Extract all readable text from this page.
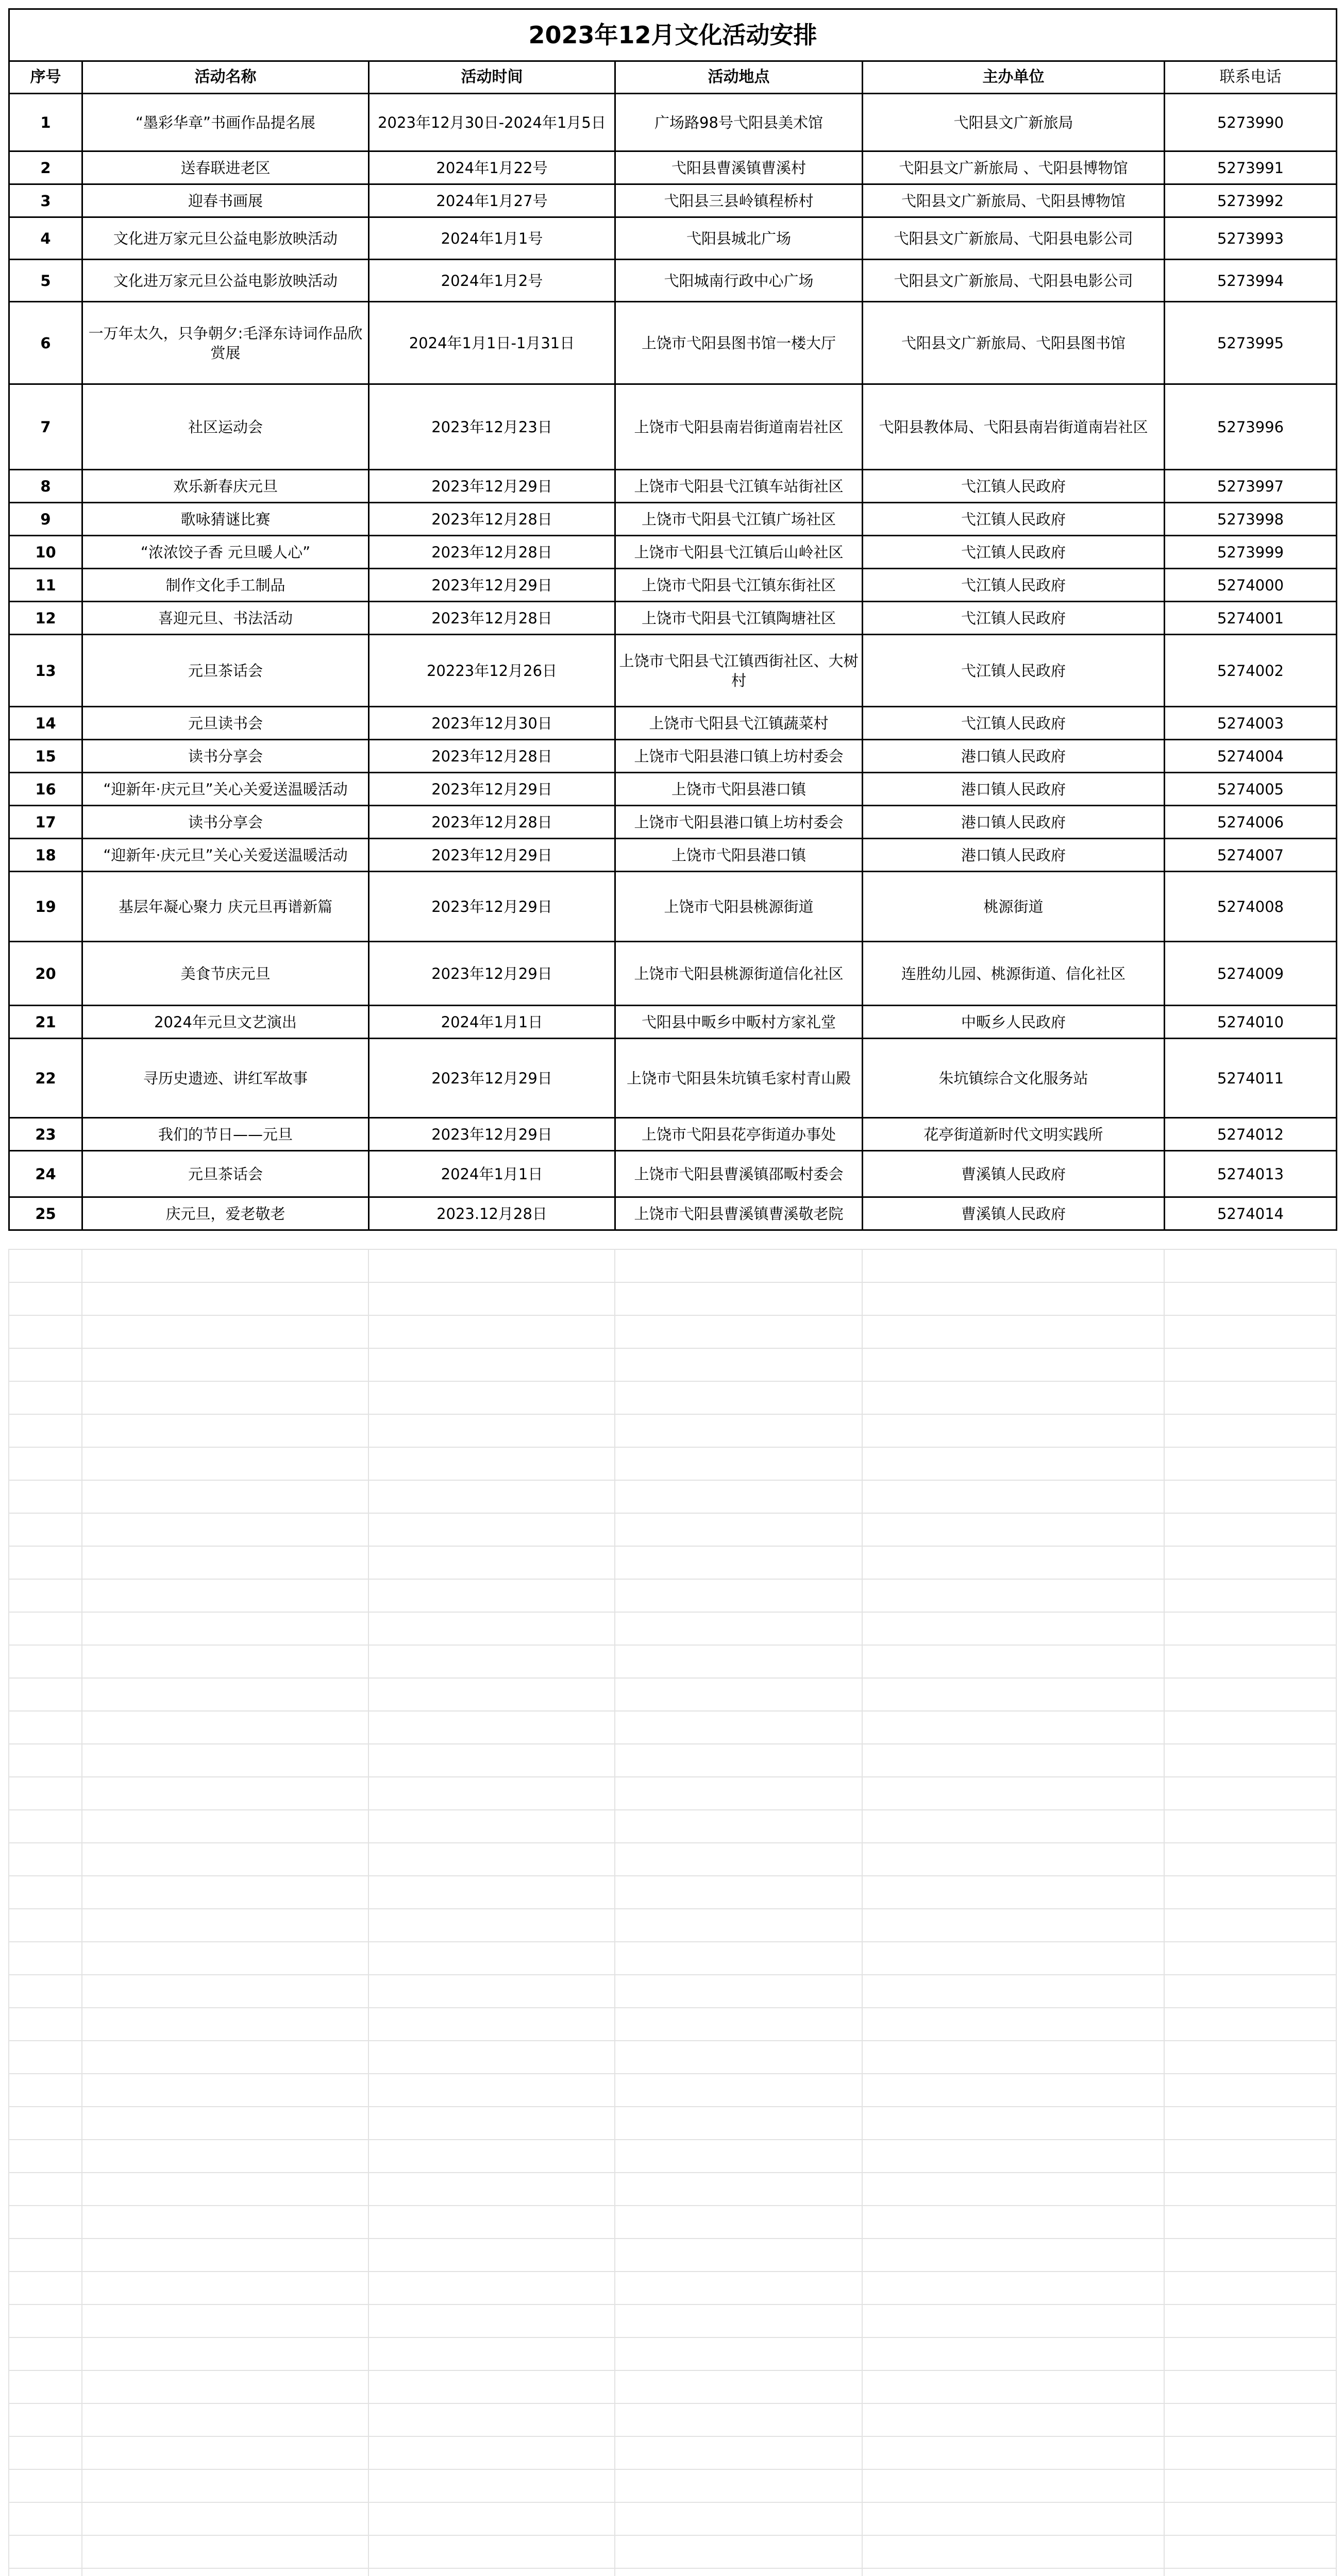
2023年12月文化活动安排					
序号	活动名称	活动时间	活动地点	主办单位	联系电话
1	“墨彩华章”书画作品提名展	2023年12月30日-2024年1月5日	广场路98号弋阳县美术馆	弋阳县文广新旅局	5273990
2	送春联进老区	2024年1月22号	弋阳县曹溪镇曹溪村	弋阳县文广新旅局 、弋阳县博物馆	5273991
3	迎春书画展	2024年1月27号	弋阳县三县岭镇程桥村	弋阳县文广新旅局、弋阳县博物馆	5273992
4	文化进万家元旦公益电影放映活动	2024年1月1号	弋阳县城北广场	弋阳县文广新旅局、弋阳县电影公司	5273993
5	文化进万家元旦公益电影放映活动	2024年1月2号	弋阳城南行政中心广场	弋阳县文广新旅局、弋阳县电影公司	5273994
6	一万年太久，只争朝夕:毛泽东诗词作品欣赏展	2024年1月1日-1月31日	上饶市弋阳县图书馆一楼大厅	弋阳县文广新旅局、弋阳县图书馆	5273995
7	社区运动会	2023年12月23日	上饶市弋阳县南岩街道南岩社区	弋阳县教体局、弋阳县南岩街道南岩社区	5273996
8	欢乐新春庆元旦	2023年12月29日	上饶市弋阳县弋江镇车站街社区	弋江镇人民政府	5273997
9	歌咏猜谜比赛	2023年12月28日	上饶市弋阳县弋江镇广场社区	弋江镇人民政府	5273998
10	“浓浓饺子香 元旦暖人心”	2023年12月28日	上饶市弋阳县弋江镇后山岭社区	弋江镇人民政府	5273999
11	制作文化手工制品	2023年12月29日	上饶市弋阳县弋江镇东街社区	弋江镇人民政府	5274000
12	喜迎元旦、书法活动	2023年12月28日	上饶市弋阳县弋江镇陶塘社区	弋江镇人民政府	5274001
13	元旦茶话会	20223年12月26日	上饶市弋阳县弋江镇西街社区、大树村	弋江镇人民政府	5274002
14	元旦读书会	2023年12月30日	上饶市弋阳县弋江镇蔬菜村	弋江镇人民政府	5274003
15	读书分享会	2023年12月28日	上饶市弋阳县港口镇上坊村委会	港口镇人民政府	5274004
16	“迎新年·庆元旦”关心关爱送温暖活动	2023年12月29日	上饶市弋阳县港口镇	港口镇人民政府	5274005
17	读书分享会	2023年12月28日	上饶市弋阳县港口镇上坊村委会	港口镇人民政府	5274006
18	“迎新年·庆元旦”关心关爱送温暖活动	2023年12月29日	上饶市弋阳县港口镇	港口镇人民政府	5274007
19	基层年凝心聚力 庆元旦再谱新篇	2023年12月29日	上饶市弋阳县桃源街道	桃源街道	5274008
20	美食节庆元旦	2023年12月29日	上饶市弋阳县桃源街道信化社区	连胜幼儿园、桃源街道、信化社区	5274009
21	2024年元旦文艺演出	2024年1月1日	弋阳县中畈乡中畈村方家礼堂	中畈乡人民政府	5274010
22	寻历史遗迹、讲红军故事	2023年12月29日	上饶市弋阳县朱坑镇毛家村青山殿	朱坑镇综合文化服务站	5274011
23	我们的节日——元旦	2023年12月29日	上饶市弋阳县花亭街道办事处	花亭街道新时代文明实践所	5274012
24	元旦茶话会	2024年1月1日	上饶市弋阳县曹溪镇邵畈村委会	曹溪镇人民政府	5274013
25	庆元旦，爱老敬老	2023.12月28日	上饶市弋阳县曹溪镇曹溪敬老院	曹溪镇人民政府	5274014
